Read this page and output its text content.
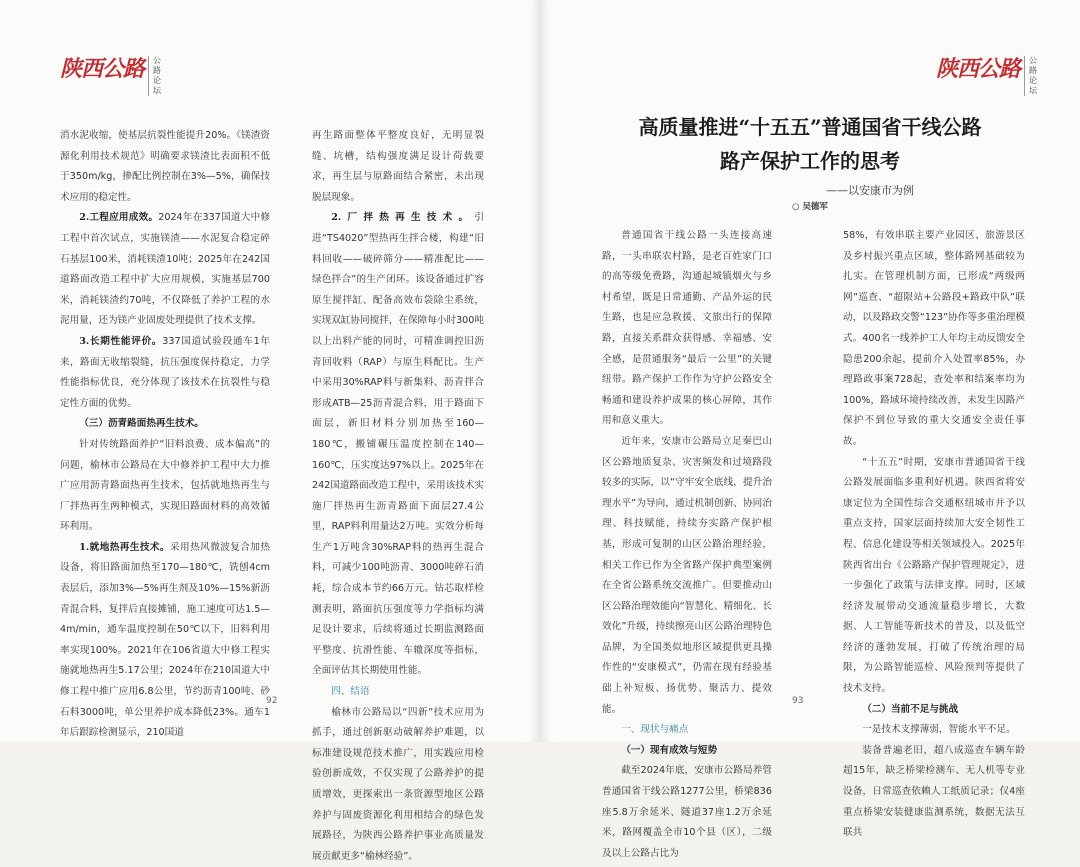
陕西公路	公路论坛

消水泥收缩，使基层抗裂性能提升20%。《镁渣资源化利用技术规范》明确要求镁渣比表面积不低于350m/kg，掺配比例控制在3%—5%，确保技术应用的稳定性。

2.工程应用成效。2024年在337国道大中修工程中首次试点，实施镁渣——水泥复合稳定碎石基层100米，消耗镁渣10吨；2025年在242国道路面改造工程中扩大应用规模，实施基层700米，消耗镁渣约70吨，不仅降低了养护工程的水泥用量，还为镁产业固废处理提供了技术支撑。

3.长期性能评价。337国道试验段通车1年来，路面无收缩裂缝，抗压强度保持稳定，力学性能指标优良，充分体现了该技术在抗裂性与稳定性方面的优势。

（三）沥青路面热再生技术。

针对传统路面养护“旧料浪费、成本偏高”的问题，榆林市公路局在大中修养护工程中大力推广应用沥青路面热再生技术，包括就地热再生与厂拌热再生两种模式，实现旧路面材料的高效循环利用。

1.就地热再生技术。采用热风微波复合加热设备，将旧路面加热至170—180℃，铣刨4cm表层后，添加3%—5%再生剂及10%—15%新沥青混合料，复拌后直接摊铺，施工速度可达1.5—4m/min，通车温度控制在50℃以下，旧料利用率实现100%。2021年在106省道大中修工程实施就地热再生5.17公里；2024年在210国道大中修工程中推广应用6.8公里，节约沥青100吨、砂石料3000吨，单公里养护成本降低23%。通车1年后跟踪检测显示，210国道

再生路面整体平整度良好，无明显裂缝、坑槽，结构强度满足设计荷载要求，再生层与原路面结合紧密，未出现脱层现象。

2.厂拌热再生技术。引进“TS4020”型热再生拌合楼，构建“旧料回收——破碎筛分——精准配比——绿色拌合”的生产闭环。该设备通过扩容原生搅拌缸、配备高效布袋除尘系统，实现双缸协同搅拌，在保障每小时300吨以上出料产能的同时，可精准调控旧沥青回收料（RAP）与原生料配比。生产中采用30%RAP料与新集料、沥青拌合形成ATB—25沥青混合料，用于路面下面层，新旧材料分别加热至160—180℃，搬铺碾压温度控制在140—160℃，压实度达97%以上。2025年在242国道路面改造工程中，采用该技术实施厂拌热再生沥青路面下面层27.4公里，RAP料利用量达2万吨。实效分析每生产1万吨含30%RAP料的热再生混合料，可减少100吨沥青、3000吨碎石消耗，综合成本节约66万元。钻芯取样检测表明，路面抗压强度等力学指标均满足设计要求，后续将通过长期监测路面平整度、抗滑性能、车辙深度等指标，全面评估其长期使用性能。

四、结语

榆林市公路局以“四新”技术应用为抓手，通过创新驱动破解养护难题，以标准建设规范技术推广，用实践应用检验创新成效，不仅实现了公路养护的提质增效，更探索出一条资源型地区公路养护与固废资源化利用相结合的绿色发展路径，为陕西公路养护事业高质量发展贡献更多“榆林经验”。

92
陕西公路	公路论坛
高质量推进“十五五”普通国省干线公路
路产保护工作的思考
——以安康市为例
○ 吴德军

普通国省干线公路一头连接高速路，一头串联农村路，是老百姓家门口的高等级免费路，沟通起城镇烟火与乡村希望，既是日常通勤、产品外运的民生路，也是应急救援、文旅出行的保障路，直接关系群众获得感、幸福感、安全感，是贯通服务“最后一公里”的关键纽带。路产保护工作作为守护公路安全畅通和建设养护成果的核心屏障，其作用和意义重大。

近年来，安康市公路局立足秦巴山区公路地质复杂、灾害频发和过境路段较多的实际，以“守牢安全底线，提升治理水平”为导向，通过机制创新、协同治理、科技赋能，持续夯实路产保护根基，形成可复制的山区公路治理经验，相关工作已作为全省路产保护典型案例在全省公路系统交流推广。但要推动山区公路治理效能向“智慧化、精细化、长效化”升级，持续擦亮山区公路治理特色品牌，为全国类似地形区域提供更具操作性的“安康模式”，仍需在现有经验基础上补短板、扬优势、聚活力、提效能。

一、现状与痛点

（一）现有成效与短势

截至2024年底，安康市公路局养管普通国省干线公路1277公里，桥梁836座5.8万余延米、隧道37座1.2万余延米，路网覆盖全市10个县（区），二级及以上公路占比为

58%，有效串联主要产业园区、旅游景区及乡村振兴重点区域，整体路网基础较为扎实。在管理机制方面，已形成“两级两网”巡查、“超限站+公路段+路政中队”联动，以及路政交警“123”协作等多重治理模式。400名一线养护工人年均主动反馈安全隐患200余起，提前介入处置率85%，办理路政事案728起，查处率和结案率均为100%，路域环境持续改善，未发生因路产保护不到位导致的重大交通安全责任事故。

“十五五”时期，安康市普通国省干线公路发展面临多重利好机遇。陕西省将安康定位为全国性综合交通枢纽城市并予以重点支持，国家层面持续加大安全韧性工程、信息化建设等相关领域投入。2025年陕西省出台《公路路产保护管理规定》，进一步强化了政策与法律支撑。同时，区域经济发展带动交通流量稳步增长，大数据、人工智能等新技术的普及，以及低空经济的蓬勃发展，打破了传统治理的局限，为公路智能巡检、风险预判等提供了技术支持。

（二）当前不足与挑战

一是技术支撑薄弱，智能水平不足。

装备普遍老旧，超八成巡查车辆车龄超15年，缺乏桥梁检测车、无人机等专业设备，日常巡查依赖人工纸质记录；仅4座重点桥梁安装健康监测系统，数据无法互联共

93
